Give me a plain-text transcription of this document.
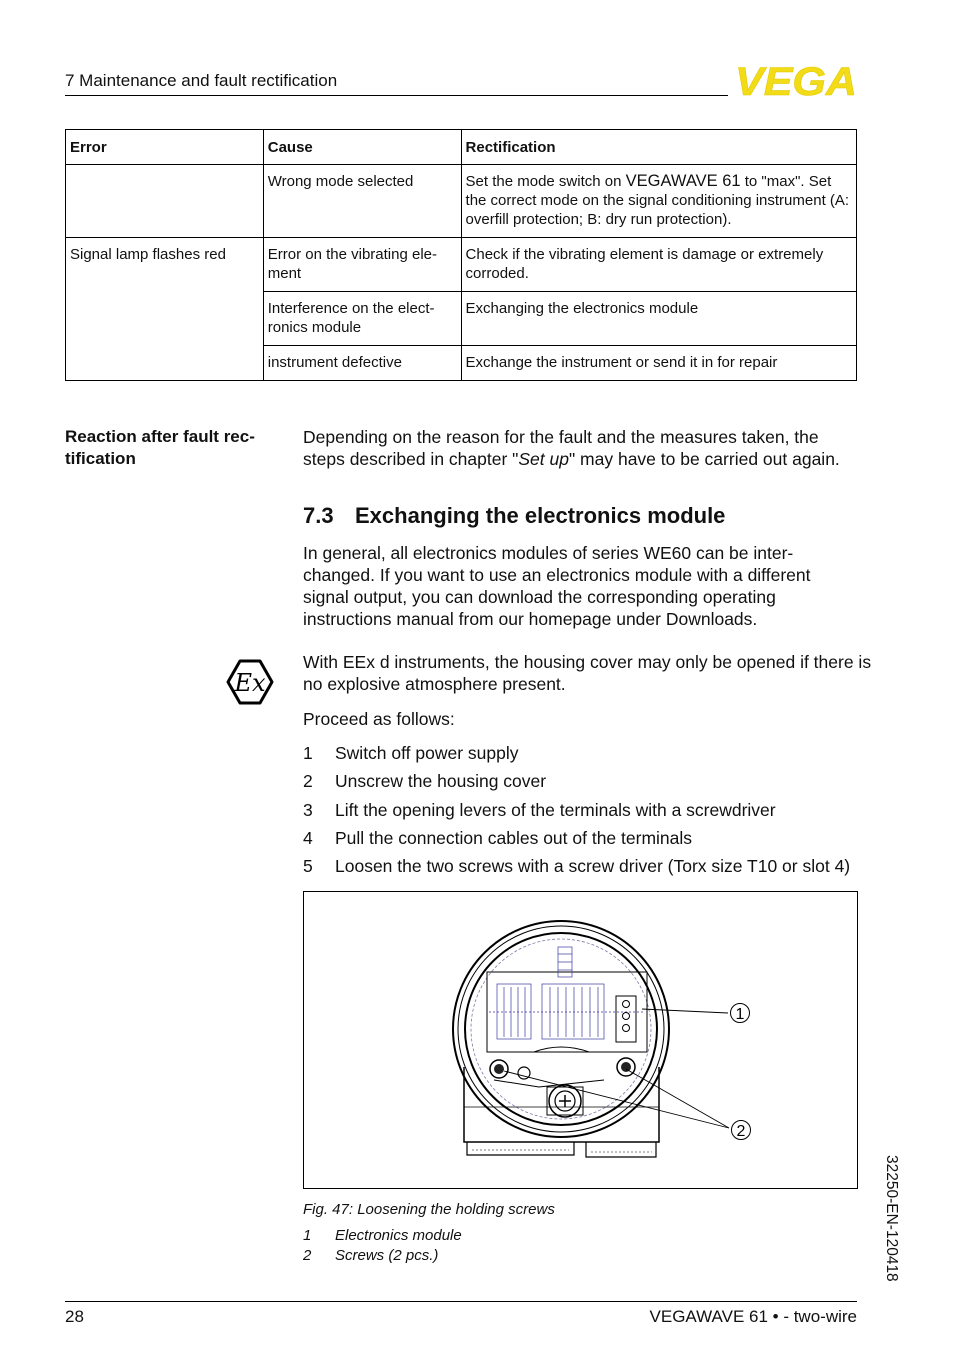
7 Maintenance and fault rectification	VEGA
Error	Cause	Rectification
	Wrong mode selected	Set the mode switch on VEGAWAVE 61 to "max". Set the correct mode on the signal conditioning instrument (A: overfill protection; B: dry run protection).
Signal lamp flashes red	Error on the vibrating ele-ment	Check if the vibrating element is damage or extremely corroded.
	Interference on the elect-ronics module	Exchanging the electronics module
	instrument defective	Exchange the instrument or send it in for repair
Reaction after fault rec-tification
Depending on the reason for the fault and the measures taken, the steps described in chapter "Set up" may have to be carried out again.
7.3 Exchanging the electronics module
In general, all electronics modules of series WE60 can be inter-changed. If you want to use an electronics module with a different signal output, you can download the corresponding operating instructions manual from our homepage under Downloads.
Ex
With EEx d instruments, the housing cover may only be opened if there is no explosive atmosphere present.
Proceed as follows:
1	Switch off power supply
2	Unscrew the housing cover
3	Lift the opening levers of the terminals with a screwdriver
4	Pull the connection cables out of the terminals
5	Loosen the two screws with a screw driver (Torx size T10 or slot 4)
1
2
Fig. 47: Loosening the holding screws
1	Electronics module
2	Screws (2 pcs.)	32250-EN-120418
28	VEGAWAVE 61 • - two-wire
